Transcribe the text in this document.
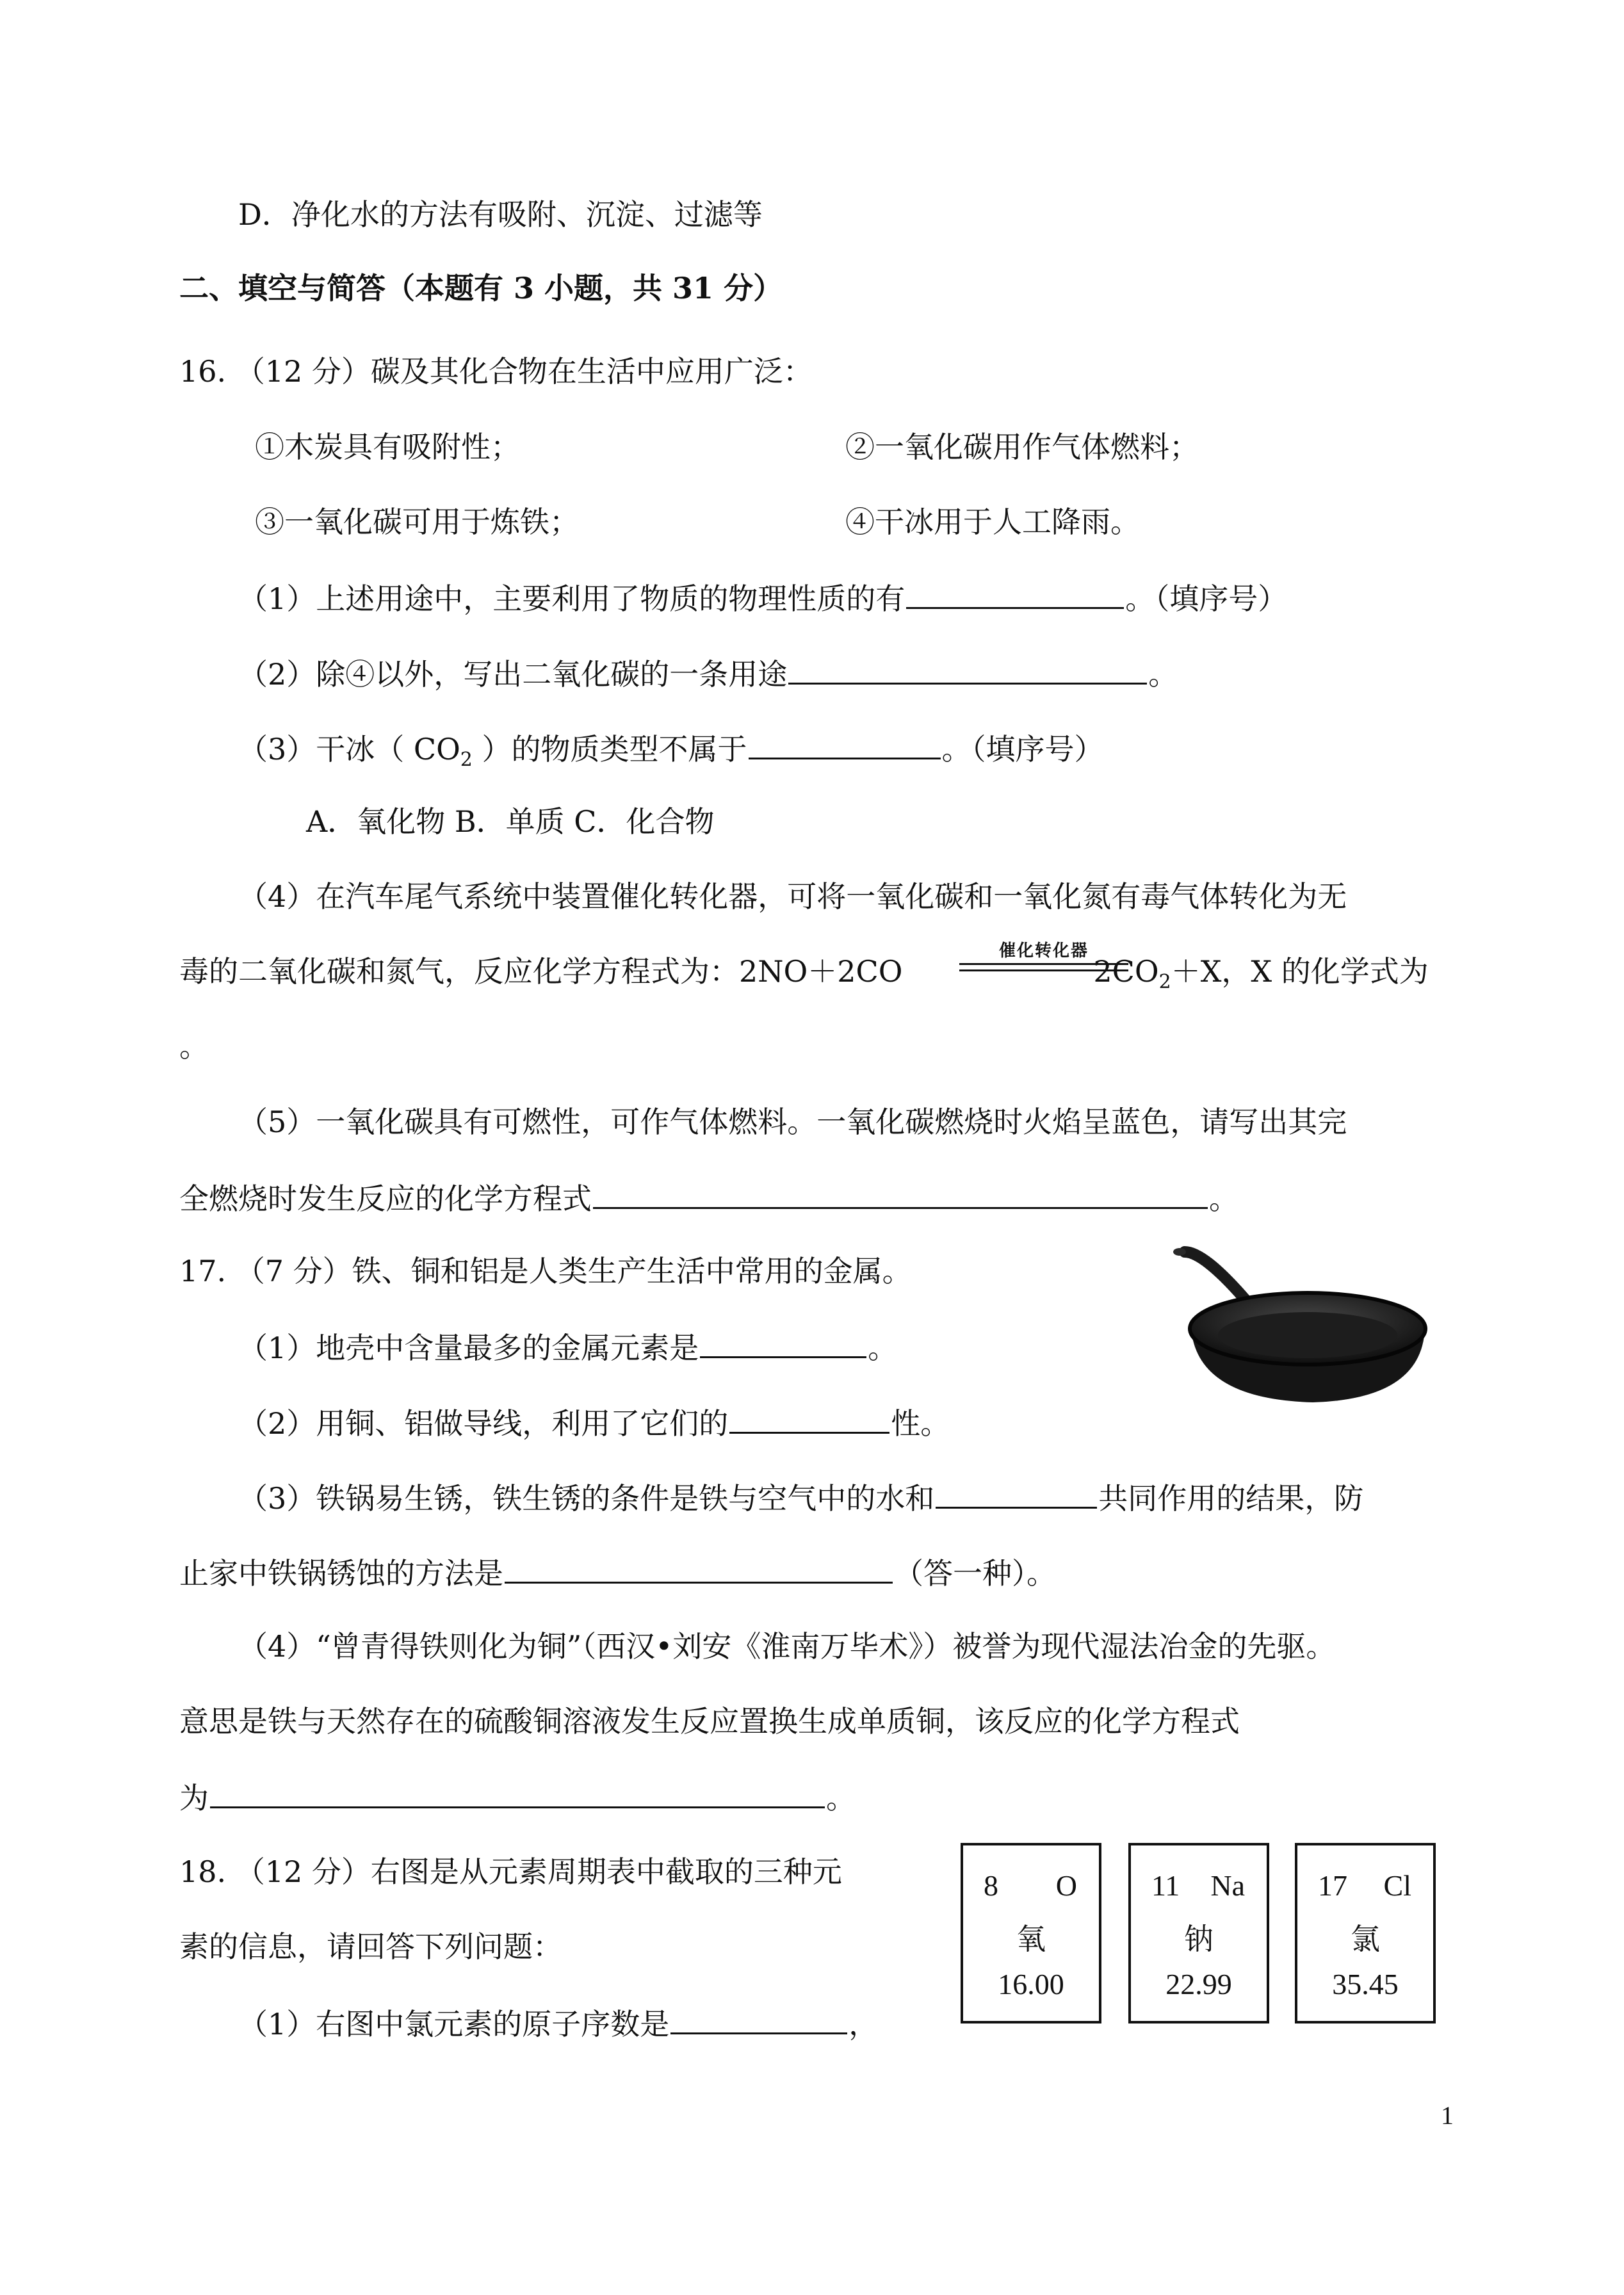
D．净化水的方法有吸附、沉淀、过滤等
二、填空与简答（本题有 3 小题，共 31 分）
16. （12 分）碳及其化合物在生活中应用广泛：
①木炭具有吸附性；	②一氧化碳用作气体燃料；
③一氧化碳可用于炼铁；	④干冰用于人工降雨。
（1）上述用途中，主要利用了物质的物理性质的有	。（填序号）
（2）除④以外，写出二氧化碳的一条用途	。
（3）干冰（ $CO_2$ ）的物质类型不属于	。（填序号）
A．氧化物 B．单质 C．化合物
（4）在汽车尾气系统中装置催化转化器，可将一氧化碳和一氧化氮有毒气体转化为无
毒的二氧化碳和氮气，反应化学方程式为：2NO＋2CO	$2CO_2+X$，X 的化学式为
催化转化器
。
（5）一氧化碳具有可燃性，可作气体燃料。一氧化碳燃烧时火焰呈蓝色，请写出其完
全燃烧时发生反应的化学方程式	。
17. （7 分）铁、铜和铝是人类生产生活中常用的金属。
（1）地壳中含量最多的金属元素是	。
（2）用铜、铝做导线，利用了它们的	性。
（3）铁锅易生锈，铁生锈的条件是铁与空气中的水和	共同作用的结果，防
止家中铁锅锈蚀的方法是	（答一种）。
（4）“曾青得铁则化为铜”（西汉•刘安《淮南万毕术》）被誉为现代湿法冶金的先驱。
意思是铁与天然存在的硫酸铜溶液发生反应置换生成单质铜，该反应的化学方程式
为	。
18. （12 分）右图是从元素周期表中截取的三种元
素的信息，请回答下列问题：
（1）右图中氯元素的原子序数是	，
8 O
氧
16.00
11 Na
钠
22.99
17 Cl
氯
35.45
1
